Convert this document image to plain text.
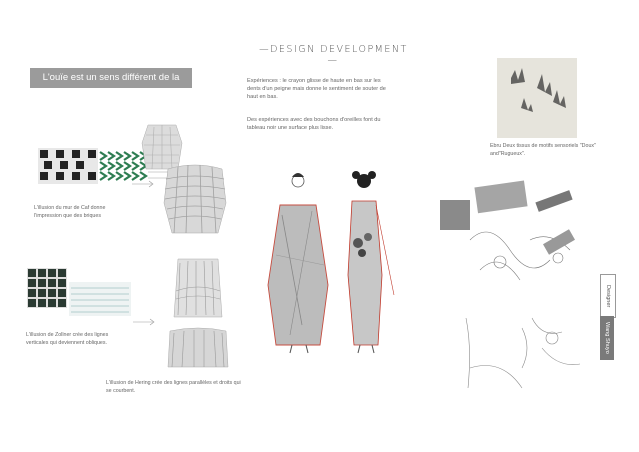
—DESIGN DEVELOPMENT—
L'ouïe est un sens différent de la	Expériences : le crayon glisse de haute en bas sur les dents d'un peigne mais donne le sentiment de souter de haut en bas.
Des expériences avec des bouchons d'oreilles font du tableau noir une surface plus lisse.
L'illusion du mur de Caf donne l'impression que des briques
L'illusion de Zollner crée des lignes verticales qui deviennent obliques.
L'illusion de Hering crée des lignes parallèles et droits qui se courbent.
Ebru Deux tissus de motifs sensoriels "Doux" and"Rugueux".
Designer
Wang Shuyo
